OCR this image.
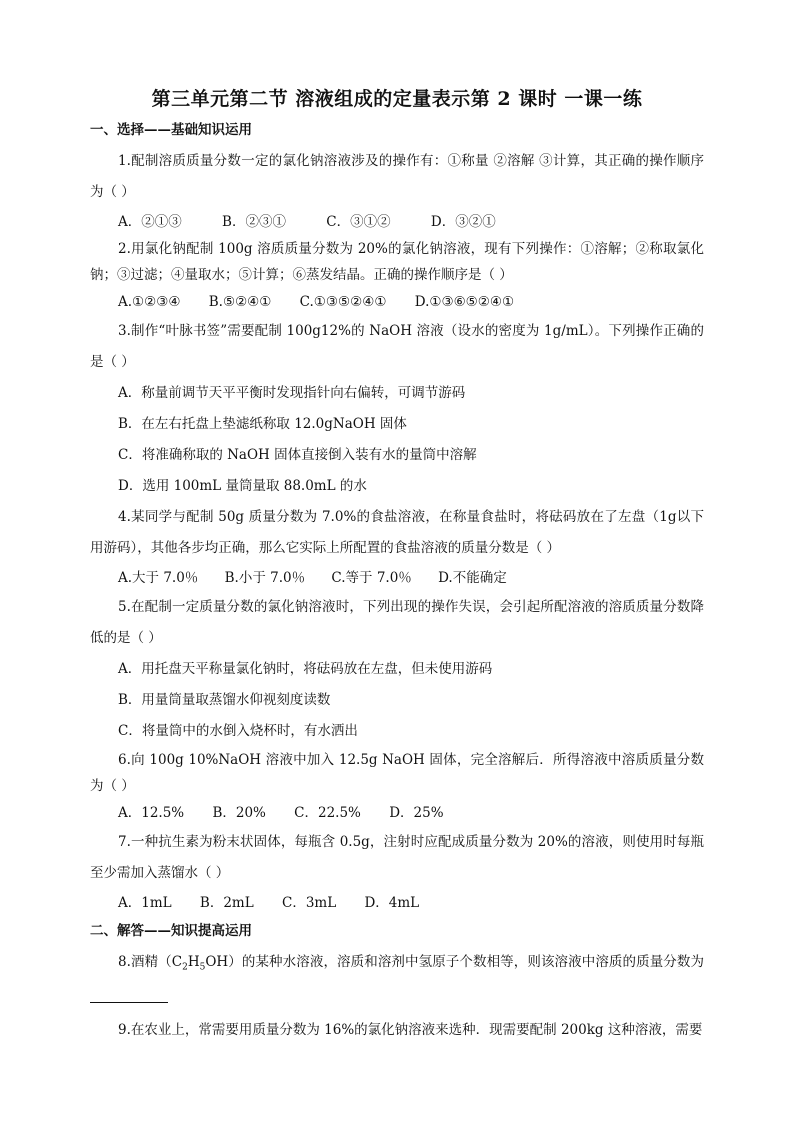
第三单元第二节 溶液组成的定量表示第 2 课时 一课一练
一、选择——基础知识运用

1.配制溶质质量分数一定的氯化钠溶液涉及的操作有：①称量 ②溶解 ③计算，其正确的操作顺序为（ ）

A．②①③	B．②③①	C．③①②	D．③②①

2.用氯化钠配制 100g 溶质质量分数为 20%的氯化钠溶液，现有下列操作：①溶解；②称取氯化钠；③过滤；④量取水；⑤计算；⑥蒸发结晶。正确的操作顺序是（ ）

A.①②③④ B.⑤②④① C.①③⑤②④① D.①③⑥⑤②④①

3.制作“叶脉书签”需要配制 100g12%的 NaOH 溶液（设水的密度为 1g/mL）。下列操作正确的是（ ）

A．称量前调节天平平衡时发现指针向右偏转，可调节游码

B．在左右托盘上垫滤纸称取 12.0gNaOH 固体

C．将准确称取的 NaOH 固体直接倒入装有水的量筒中溶解

D．选用 100mL 量筒量取 88.0mL 的水

4.某同学与配制 50g 质量分数为 7.0%的食盐溶液，在称量食盐时，将砝码放在了左盘（1g以下用游码），其他各步均正确，那么它实际上所配置的食盐溶液的质量分数是（ ）

A.大于 7.0％ B.小于 7.0％ C.等于 7.0％ D.不能确定

5.在配制一定质量分数的氯化钠溶液时，下列出现的操作失误，会引起所配溶液的溶质质量分数降低的是（ ）

A．用托盘天平称量氯化钠时，将砝码放在左盘，但未使用游码

B．用量筒量取蒸馏水仰视刻度读数

C．将量筒中的水倒入烧杯时，有水洒出

6.向 100g 10%NaOH 溶液中加入 12.5g NaOH 固体，完全溶解后．所得溶液中溶质质量分数为（ ）

A．12.5% B．20% C．22.5% D．25%

7.一种抗生素为粉末状固体，每瓶含 0.5g，注射时应配成质量分数为 20%的溶液，则使用时每瓶至少需加入蒸馏水（ ）

A．1mL B．2mL C．3mL D．4mL
二、解答——知识提高运用

8.酒精$(C_2H_5OH)$的某种水溶液，溶质和溶剂中氢原子个数相等，则该溶液中溶质的质量分数为

9.在农业上，常需要用质量分数为 16%的氯化钠溶液来选种．现需要配制 200kg 这种溶液，需要
